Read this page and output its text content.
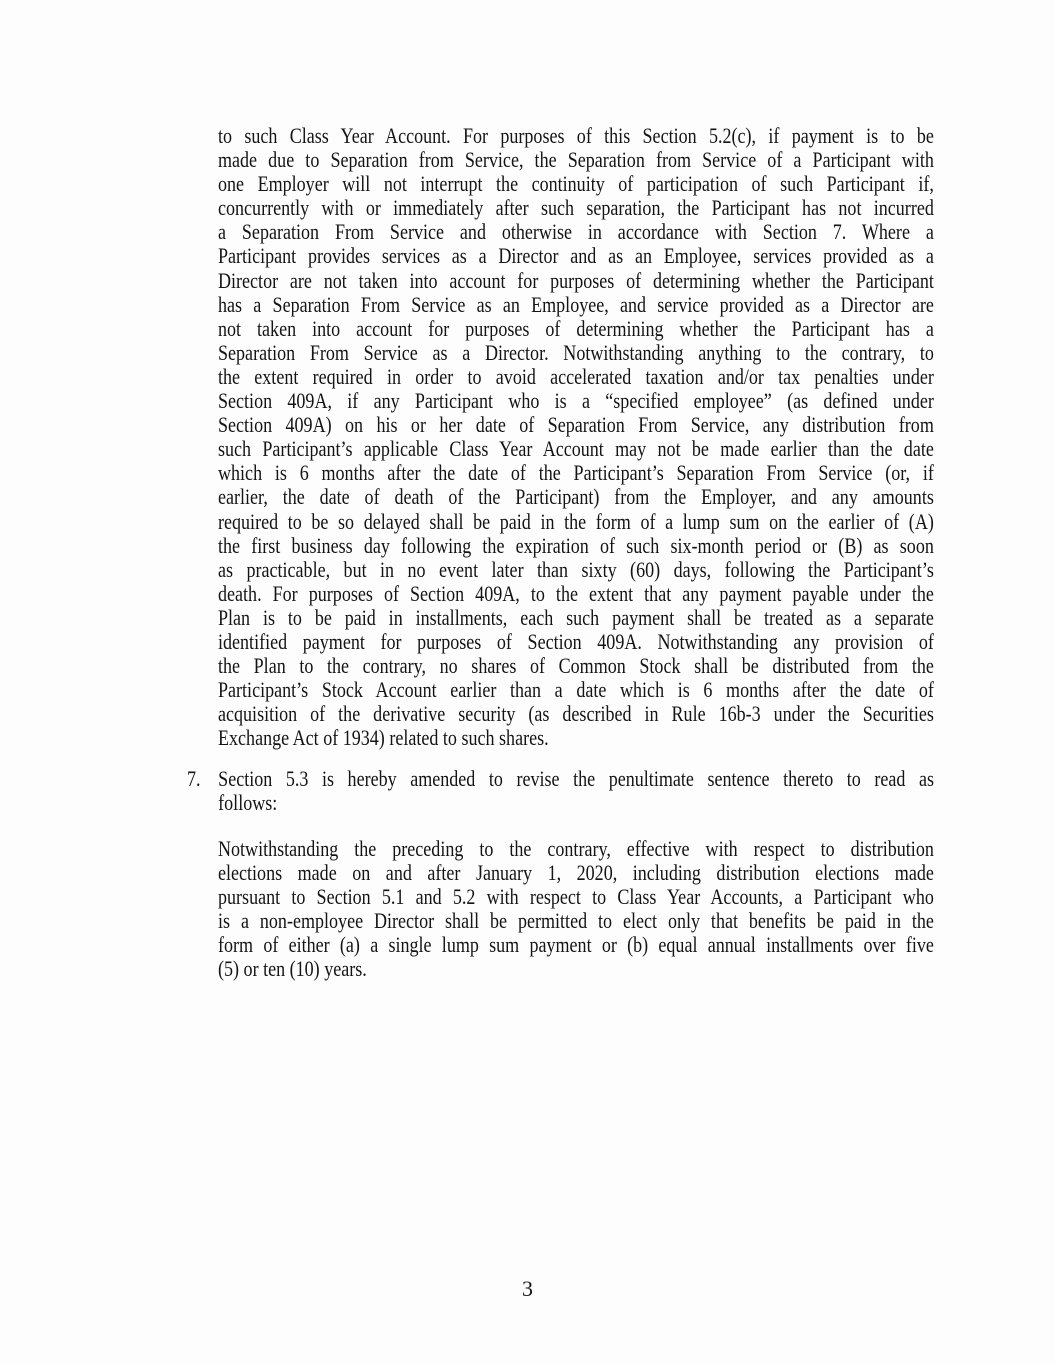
to such Class Year Account. For purposes of this Section 5.2(c), if payment is to be
made due to Separation from Service, the Separation from Service of a Participant with
one Employer will not interrupt the continuity of participation of such Participant if,
concurrently with or immediately after such separation, the Participant has not incurred
a Separation From Service and otherwise in accordance with Section 7. Where a
Participant provides services as a Director and as an Employee, services provided as a
Director are not taken into account for purposes of determining whether the Participant
has a Separation From Service as an Employee, and service provided as a Director are
not taken into account for purposes of determining whether the Participant has a
Separation From Service as a Director. Notwithstanding anything to the contrary, to
the extent required in order to avoid accelerated taxation and/or tax penalties under
Section 409A, if any Participant who is a “specified employee” (as defined under
Section 409A) on his or her date of Separation From Service, any distribution from
such Participant’s applicable Class Year Account may not be made earlier than the date
which is 6 months after the date of the Participant’s Separation From Service (or, if
earlier, the date of death of the Participant) from the Employer, and any amounts
required to be so delayed shall be paid in the form of a lump sum on the earlier of (A)
the first business day following the expiration of such six-month period or (B) as soon
as practicable, but in no event later than sixty (60) days, following the Participant’s
death. For purposes of Section 409A, to the extent that any payment payable under the
Plan is to be paid in installments, each such payment shall be treated as a separate
identified payment for purposes of Section 409A. Notwithstanding any provision of
the Plan to the contrary, no shares of Common Stock shall be distributed from the
Participant’s Stock Account earlier than a date which is 6 months after the date of
acquisition of the derivative security (as described in Rule 16b-3 under the Securities
Exchange Act of 1934) related to such shares.
7. Section 5.3 is hereby amended to revise the penultimate sentence thereto to read as
follows:
Notwithstanding the preceding to the contrary, effective with respect to distribution
elections made on and after January 1, 2020, including distribution elections made
pursuant to Section 5.1 and 5.2 with respect to Class Year Accounts, a Participant who
is a non-employee Director shall be permitted to elect only that benefits be paid in the
form of either (a) a single lump sum payment or (b) equal annual installments over five
(5) or ten (10) years.
3
